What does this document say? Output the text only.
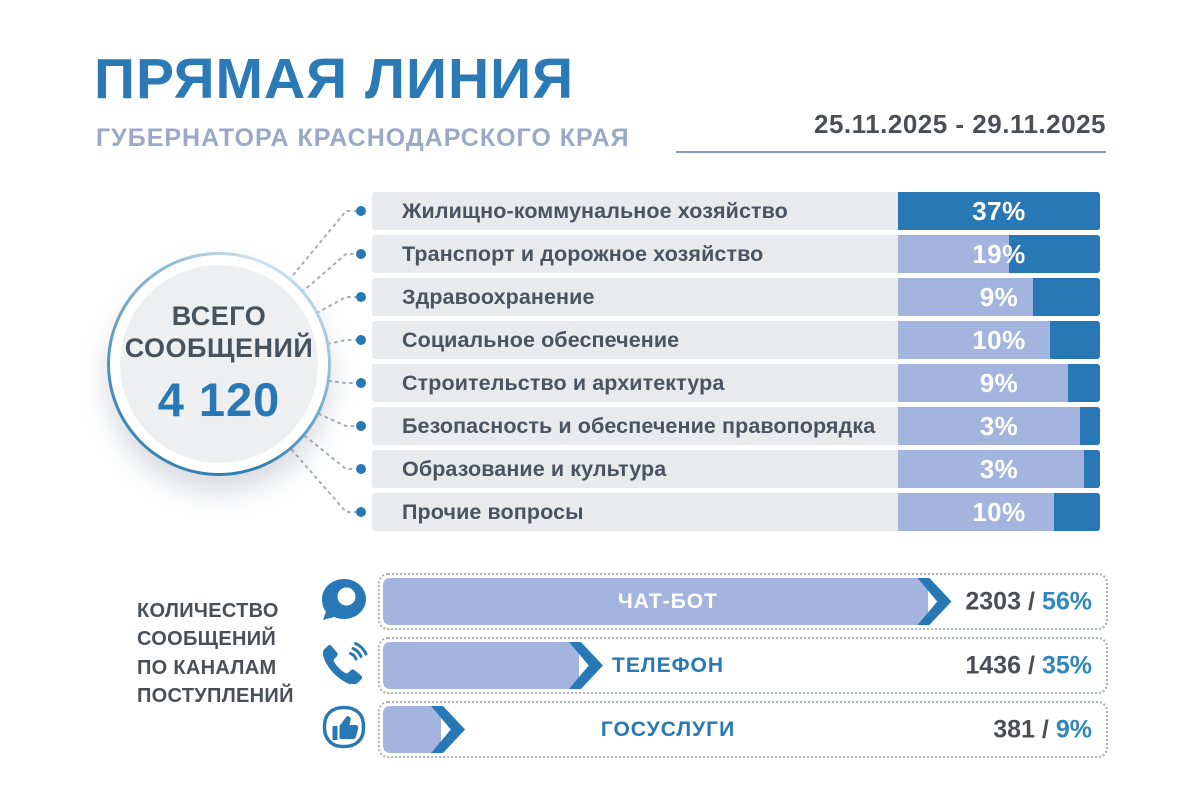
ПРЯМАЯ ЛИНИЯ
ГУБЕРНАТОРА КРАСНОДАРСКОГО КРАЯ	25.11.2025 - 29.11.2025
ВСЕГО
СООБЩЕНИЙ
4 120
Жилищно-коммунальное хозяйство	37%
Транспорт и дорожное хозяйство	19%
Здравоохранение	9%
Социальное обеспечение	10%
Строительство и архитектура	9%
Безопасность и обеспечение правопорядка	3%
Образование и культура	3%
Прочие вопросы	10%
КОЛИЧЕСТВО
СООБЩЕНИЙ
ПО КАНАЛАМ
ПОСТУПЛЕНИЙ
ЧАТ-БОТ	2303 / 56%
ТЕЛЕФОН	1436 / 35%
ГОСУСЛУГИ	381 / 9%
